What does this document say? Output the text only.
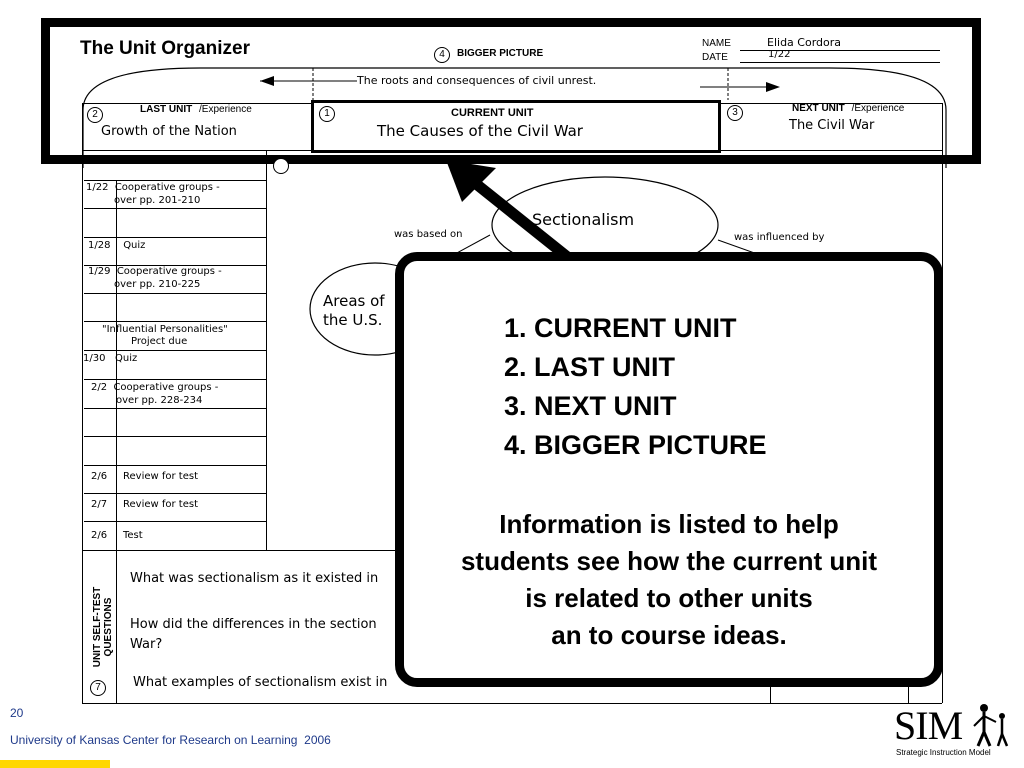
The Unit Organizer	4	BIGGER PICTURE
NAME	Elida Cordora
DATE	1/22
The roots and consequences of civil unrest.
2	LAST UNIT /Experience
Growth of the Nation
1	CURRENT UNIT
The Causes of the Civil War
3	NEXT UNIT /Experience
The Civil War
1/22 Cooperative groups -
over pp. 201-210
1/28 Quiz
1/29 Cooperative groups -
over pp. 210-225
"Influential Personalities"
Project due
1/30 Quiz
2/2 Cooperative groups -
over pp. 228-234
2/6 Review for test
2/7 Review for test
2/6 Test
Sectionalism
was based on	was influenced by
Areas of
the U.S.
UNIT SELF-TEST QUESTIONS
7
What was sectionalism as it existed in
How did the differences in the section
War?
What examples of sectionalism exist in
1. CURRENT UNIT
2. LAST UNIT
3. NEXT UNIT
4. BIGGER PICTURE
Information is listed to help
students see how the current unit
is related to other units
an to course ideas.
20
University of Kansas Center for Research on Learning  2006	SIM
Strategic Instruction Model
